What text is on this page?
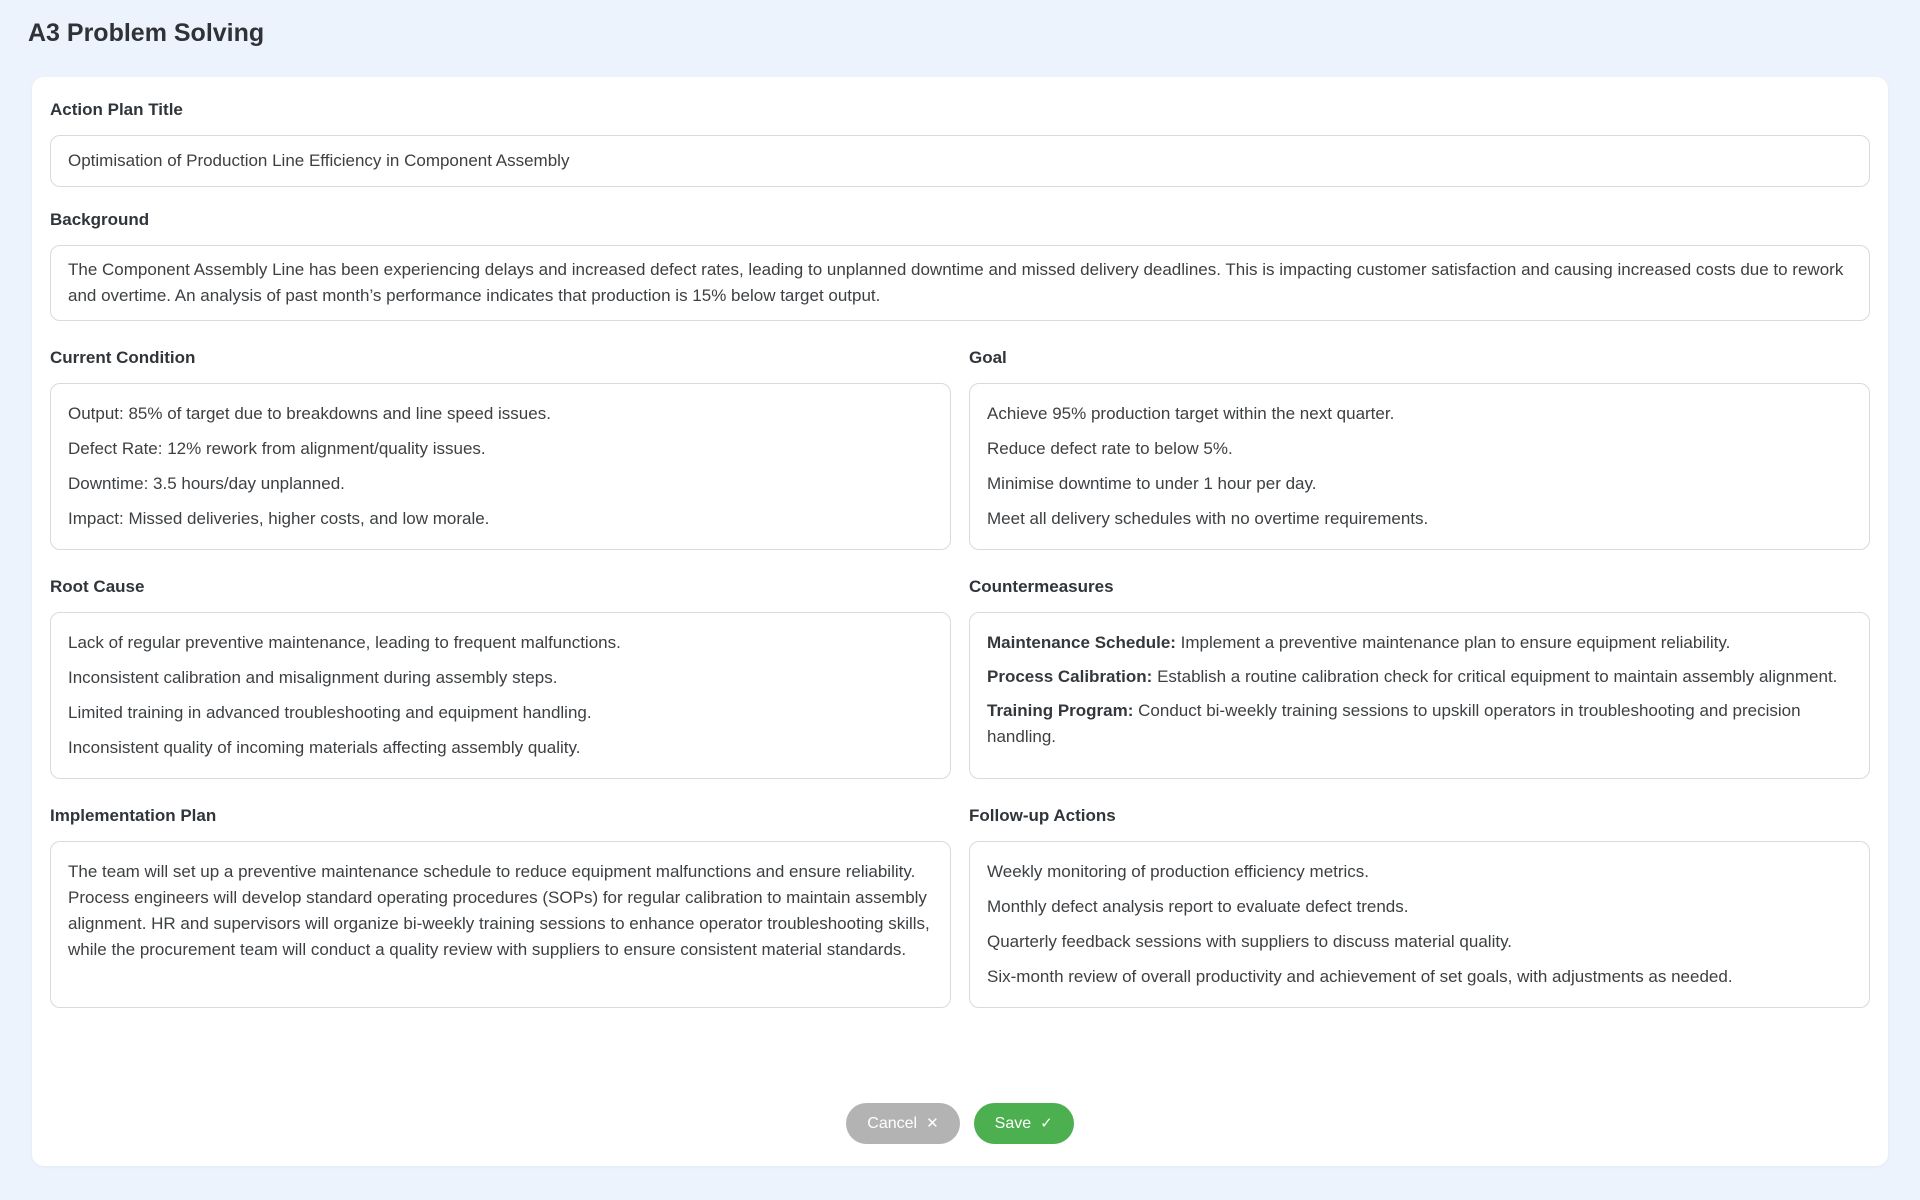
A3 Problem Solving
Action Plan Title
Optimisation of Production Line Efficiency in Component Assembly
Background
The Component Assembly Line has been experiencing delays and increased defect rates, leading to unplanned downtime and missed delivery deadlines. This is impacting customer satisfaction and causing increased costs due to rework and overtime. An analysis of past month’s performance indicates that production is 15% below target output.
Current Condition

Output: 85% of target due to breakdowns and line speed issues.

Defect Rate: 12% rework from alignment/quality issues.

Downtime: 3.5 hours/day unplanned.

Impact: Missed deliveries, higher costs, and low morale.

Goal

Achieve 95% production target within the next quarter.

Reduce defect rate to below 5%.

Minimise downtime to under 1 hour per day.

Meet all delivery schedules with no overtime requirements.

Root Cause

Lack of regular preventive maintenance, leading to frequent malfunctions.

Inconsistent calibration and misalignment during assembly steps.

Limited training in advanced troubleshooting and equipment handling.

Inconsistent quality of incoming materials affecting assembly quality.

Countermeasures

Maintenance Schedule: Implement a preventive maintenance plan to ensure equipment reliability.

Process Calibration: Establish a routine calibration check for critical equipment to maintain assembly alignment.

Training Program: Conduct bi-weekly training sessions to upskill operators in troubleshooting and precision handling.

Implementation Plan
The team will set up a preventive maintenance schedule to reduce equipment malfunctions and ensure reliability. Process engineers will develop standard operating procedures (SOPs) for regular calibration to maintain assembly alignment. HR and supervisors will organize bi-weekly training sessions to enhance operator troubleshooting skills, while the procurement team will conduct a quality review with suppliers to ensure consistent material standards.
Follow-up Actions

Weekly monitoring of production efficiency metrics.

Monthly defect analysis report to evaluate defect trends.

Quarterly feedback sessions with suppliers to discuss material quality.

Six-month review of overall productivity and achievement of set goals, with adjustments as needed.

Cancel ✕	Save ✓
